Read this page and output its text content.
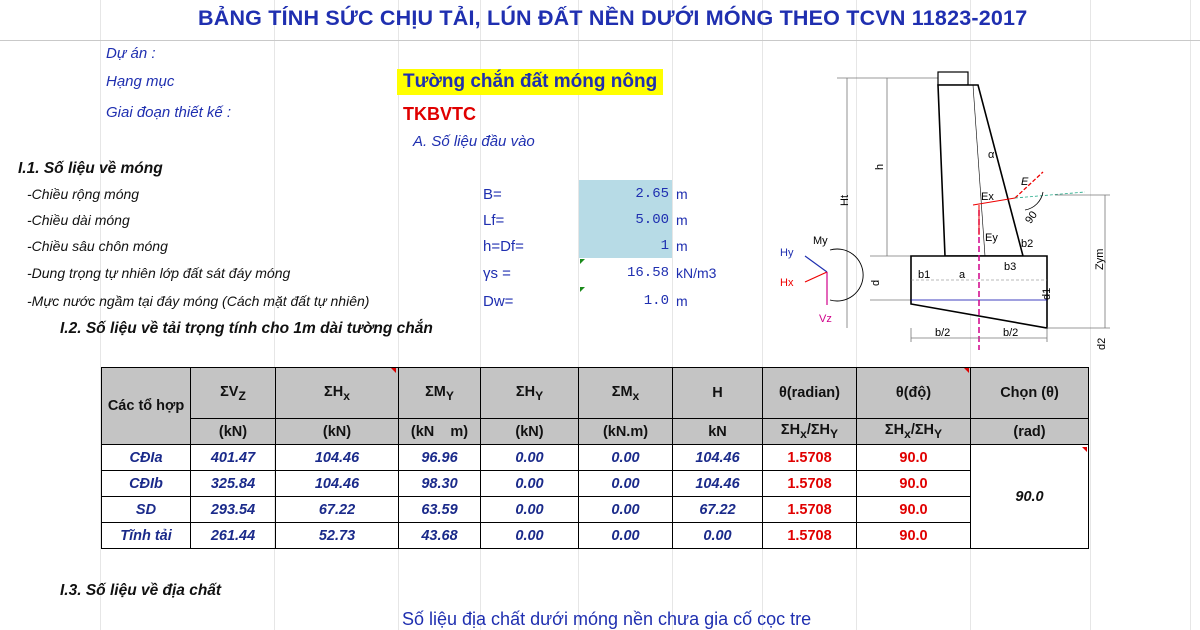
BẢNG TÍNH SỨC CHỊU TẢI, LÚN ĐẤT NỀN DƯỚI MÓNG THEO TCVN 11823-2017
Dự án :
Hạng mục	Tường chắn đất móng nông
Giai đoạn thiết kế :	TKBVTC
A. Số liệu đầu vào
I.1. Số liệu về móng
-Chiều rộng móng	B=	2.65 m
-Chiều dài móng	Lf=	5.00 m
-Chiều sâu chôn móng	h=Df=	1 m
-Dung trọng tự nhiên lớp đất sát đáy móng	γs =	16.58 kN/m3
-Mực nước ngầm tại đáy móng (Cách mặt đất tự nhiên)	Dw=	1.0 m
I.2. Số liệu về tải trọng tính cho 1m dài tường chắn
Các tổ hợp	$\Sigma V_Z$	$\Sigma H_x$	$\Sigma M_Y$	$\Sigma H_Y$	$\Sigma M_x$	H	θ(radian)	θ(độ)	Chọn (θ)
	(kN)	(kN)	(kN    m)	(kN)	(kN.m)	kN	$\Sigma H_x/\Sigma H_Y$	$\Sigma H_x/\Sigma H_Y$	(rad)
CĐIa	401.47	104.46	96.96	0.00	0.00	104.46	1.5708	90.0	90.0
CĐIb	325.84	104.46	98.30	0.00	0.00	104.46	1.5708	90.0	
SD	293.54	67.22	63.59	0.00	0.00	67.22	1.5708	90.0	
Tĩnh tải	261.44	52.73	43.68	0.00	0.00	0.00	1.5708	90.0	
I.3. Số liệu về địa chất
Số liệu địa chất dưới móng nền chưa gia cố cọc tre
h
Ht
d
E
Ex
Ey
90
α
Zym
d1
d2
b2
b3
b1	a
b/2	b/2
My
Hy
Hx
Vz
